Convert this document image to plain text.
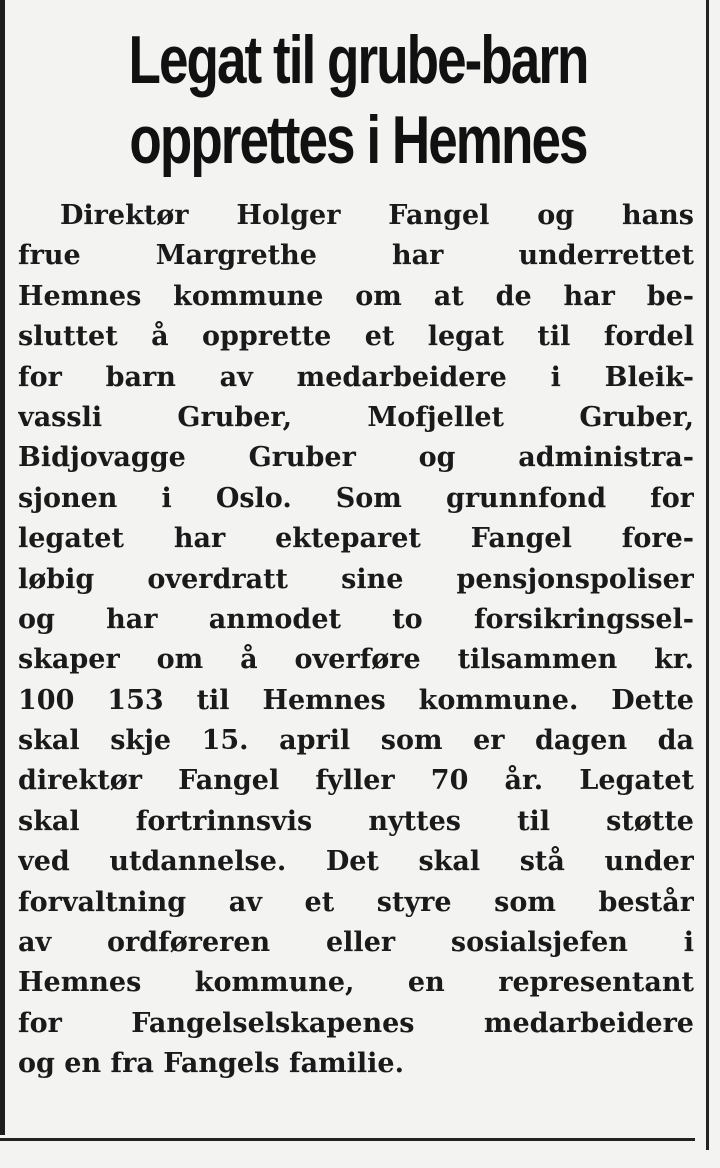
Legat til grube-barn
opprettes i Hemnes
Direktør Holger Fangel og hans
frue Margrethe har underrettet
Hemnes kommune om at de har be-
sluttet å opprette et legat til fordel
for barn av medarbeidere i Bleik-
vassli Gruber, Mofjellet Gruber,
Bidjovagge Gruber og administra-
sjonen i Oslo. Som grunnfond for
legatet har ekteparet Fangel fore-
løbig overdratt sine pensjonspoliser
og har anmodet to forsikringssel-
skaper om å overføre tilsammen kr.
100 153 til Hemnes kommune. Dette
skal skje 15. april som er dagen da
direktør Fangel fyller 70 år. Legatet
skal fortrinnsvis nyttes til støtte
ved utdannelse. Det skal stå under
forvaltning av et styre som består
av ordføreren eller sosialsjefen i
Hemnes kommune, en representant
for Fangelselskapenes medarbeidere
og en fra Fangels familie.
